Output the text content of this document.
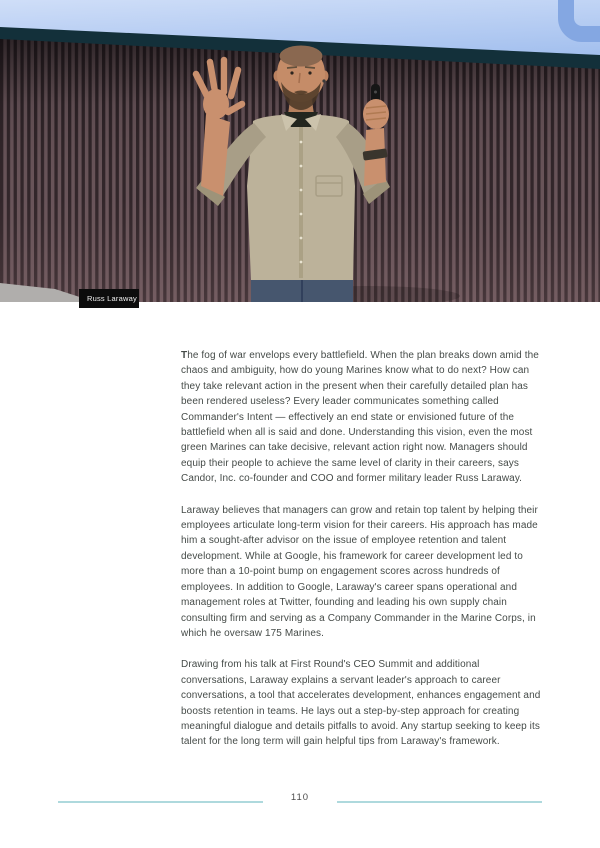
Russ Laraway

The fog of war envelops every battlefield. When the plan breaks down amid the chaos and ambiguity, how do young Marines know what to do next? How can they take relevant action in the present when their carefully detailed plan has been rendered useless? Every leader communicates something called Commander's Intent — effectively an end state or envisioned future of the battlefield when all is said and done. Understanding this vision, even the most green Marines can take decisive, relevant action right now. Managers should equip their people to achieve the same level of clarity in their careers, says Candor, Inc. co-founder and COO and former military leader Russ Laraway.

Laraway believes that managers can grow and retain top talent by helping their employees articulate long-term vision for their careers. His approach has made him a sought-after advisor on the issue of employee retention and talent development. While at Google, his framework for career development led to more than a 10-point bump on engagement scores across hundreds of employees. In addition to Google, Laraway's career spans operational and management roles at Twitter, founding and leading his own supply chain consulting firm and serving as a Company Commander in the Marine Corps, in which he oversaw 175 Marines.

Drawing from his talk at First Round's CEO Summit and additional conversations, Laraway explains a servant leader's approach to career conversations, a tool that accelerates development, enhances engagement and boosts retention in teams. He lays out a step-by-step approach for creating meaningful dialogue and details pitfalls to avoid. Any startup seeking to keep its talent for the long term will gain helpful tips from Laraway's framework.

110
